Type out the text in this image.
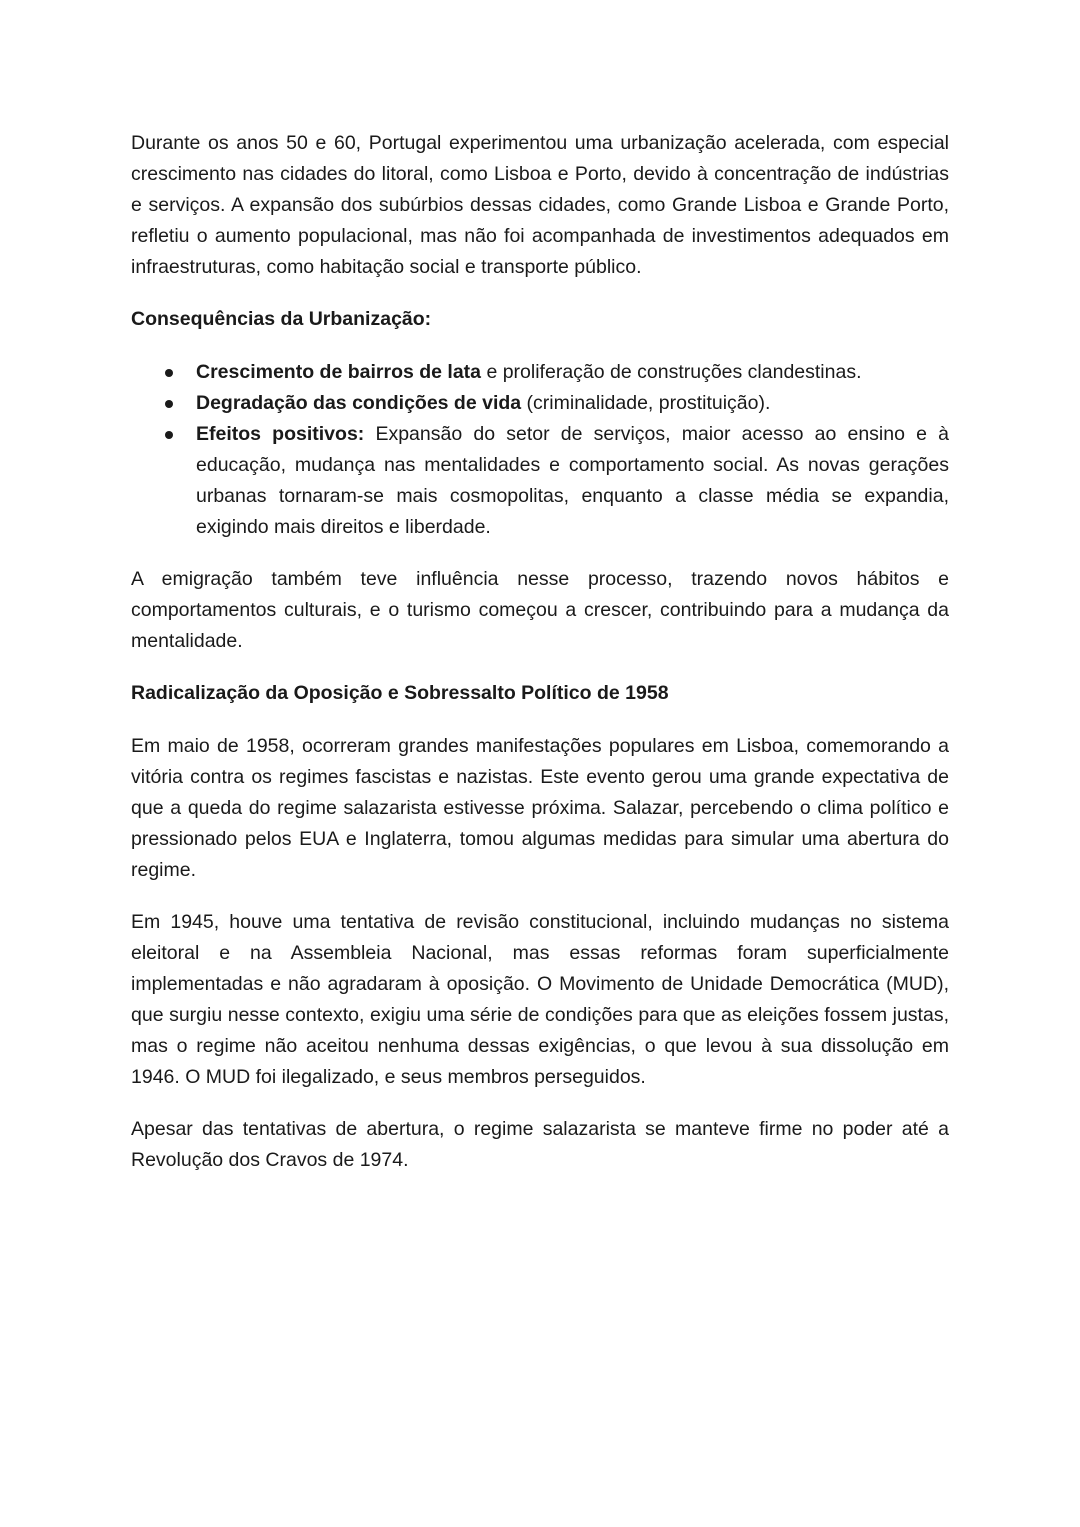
Durante os anos 50 e 60, Portugal experimentou uma urbanização acelerada, com especial crescimento nas cidades do litoral, como Lisboa e Porto, devido à concentração de indústrias e serviços. A expansão dos subúrbios dessas cidades, como Grande Lisboa e Grande Porto, refletiu o aumento populacional, mas não foi acompanhada de investimentos adequados em infraestruturas, como habitação social e transporte público.

Consequências da Urbanização:

Crescimento de bairros de lata e proliferação de construções clandestinas.
Degradação das condições de vida (criminalidade, prostituição).
Efeitos positivos: Expansão do setor de serviços, maior acesso ao ensino e à educação, mudança nas mentalidades e comportamento social. As novas gerações urbanas tornaram-se mais cosmopolitas, enquanto a classe média se expandia, exigindo mais direitos e liberdade.

A emigração também teve influência nesse processo, trazendo novos hábitos e comportamentos culturais, e o turismo começou a crescer, contribuindo para a mudança da mentalidade.

Radicalização da Oposição e Sobressalto Político de 1958

Em maio de 1958, ocorreram grandes manifestações populares em Lisboa, comemorando a vitória contra os regimes fascistas e nazistas. Este evento gerou uma grande expectativa de que a queda do regime salazarista estivesse próxima. Salazar, percebendo o clima político e pressionado pelos EUA e Inglaterra, tomou algumas medidas para simular uma abertura do regime.

Em 1945, houve uma tentativa de revisão constitucional, incluindo mudanças no sistema eleitoral e na Assembleia Nacional, mas essas reformas foram superficialmente implementadas e não agradaram à oposição. O Movimento de Unidade Democrática (MUD), que surgiu nesse contexto, exigiu uma série de condições para que as eleições fossem justas, mas o regime não aceitou nenhuma dessas exigências, o que levou à sua dissolução em 1946. O MUD foi ilegalizado, e seus membros perseguidos.

Apesar das tentativas de abertura, o regime salazarista se manteve firme no poder até a Revolução dos Cravos de 1974.
